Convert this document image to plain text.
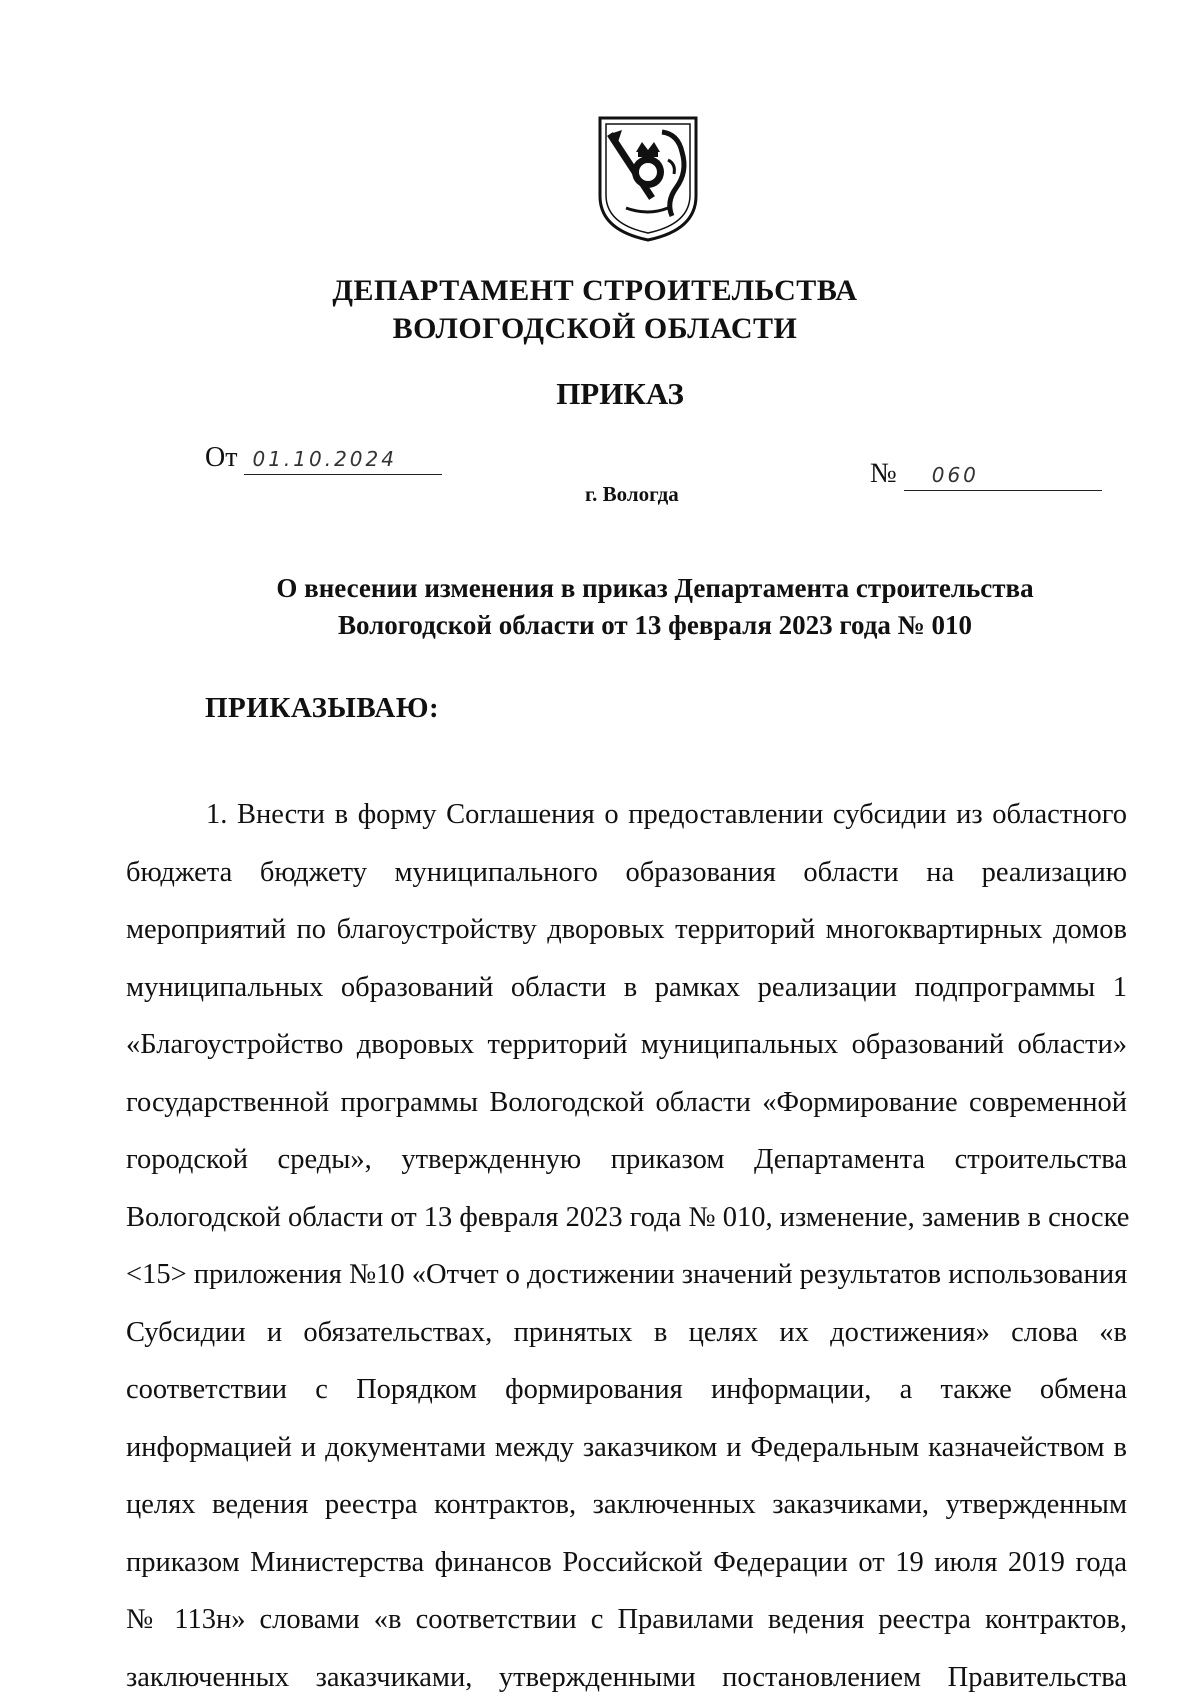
ДЕПАРТАМЕНТ СТРОИТЕЛЬСТВА
ВОЛОГОДСКОЙ ОБЛАСТИ
ПРИКАЗ
От 01.10.2024
г. Вологда
№ 060
О внесении изменения в приказ Департамента строительства
Вологодской области от 13 февраля 2023 года № 010
ПРИКАЗЫВАЮ:
1. Внести в форму Соглашения о предоставлении субсидии из областного
бюджета бюджету муниципального образования области на реализацию
мероприятий по благоустройству дворовых территорий многоквартирных домов
муниципальных образований области в рамках реализации подпрограммы 1
«Благоустройство дворовых территорий муниципальных образований области»
государственной программы Вологодской области «Формирование современной
городской среды», утвержденную приказом Департамента строительства
Вологодской области от 13 февраля 2023 года № 010, изменение, заменив в сноске
<15> приложения №10 «Отчет о достижении значений результатов использования
Субсидии и обязательствах, принятых в целях их достижения» слова «в
соответствии с Порядком формирования информации, а также обмена
информацией и документами между заказчиком и Федеральным казначейством в
целях ведения реестра контрактов, заключенных заказчиками, утвержденным
приказом Министерства финансов Российской Федерации от 19 июля 2019 года
№ 113н» словами «в соответствии с Правилами ведения реестра контрактов,
заключенных заказчиками, утвержденными постановлением Правительства
